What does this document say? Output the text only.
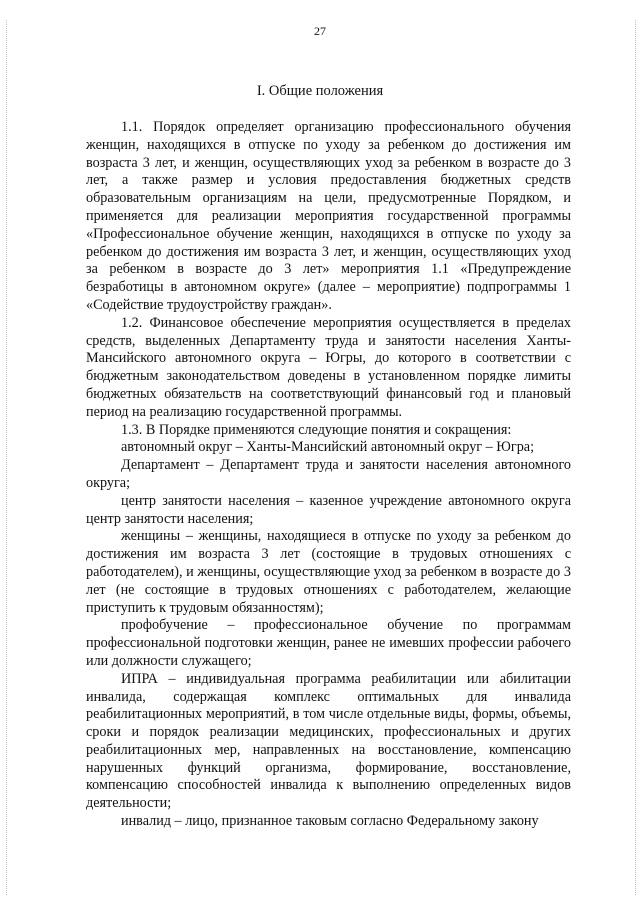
27
I. Общие положения

1.1. Порядок определяет организацию профессионального обучения женщин, находящихся в отпуске по уходу за ребенком до достижения им возраста 3 лет, и женщин, осуществляющих уход за ребенком в возрасте до 3 лет, а также размер и условия предоставления бюджетных средств образовательным организациям на цели, предусмотренные Порядком, и применяется для реализации мероприятия государственной программы «Профессиональное обучение женщин, находящихся в отпуске по уходу за ребенком до достижения им возраста 3 лет, и женщин, осуществляющих уход за ребенком в возрасте до 3 лет» мероприятия 1.1 «Предупреждение безработицы в автономном округе» (далее – мероприятие) подпрограммы 1 «Содействие трудоустройству граждан».

1.2. Финансовое обеспечение мероприятия осуществляется в пределах средств, выделенных Департаменту труда и занятости населения Ханты-Мансийского автономного округа – Югры, до которого в соответствии с бюджетным законодательством доведены в установленном порядке лимиты бюджетных обязательств на соответствующий финансовый год и плановый период на реализацию государственной программы.

1.3. В Порядке применяются следующие понятия и сокращения:

автономный округ – Ханты-Мансийский автономный округ – Югра;

Департамент – Департамент труда и занятости населения автономного округа;

центр занятости населения – казенное учреждение автономного округа центр занятости населения;

женщины – женщины, находящиеся в отпуске по уходу за ребенком до достижения им возраста 3 лет (состоящие в трудовых отношениях с работодателем), и женщины, осуществляющие уход за ребенком в возрасте до 3 лет (не состоящие в трудовых отношениях с работодателем, желающие приступить к трудовым обязанностям);

профобучение – профессиональное обучение по программам профессиональной подготовки женщин, ранее не имевших профессии рабочего или должности служащего;

ИПРА – индивидуальная программа реабилитации или абилитации инвалида, содержащая комплекс оптимальных для инвалида реабилитационных мероприятий, в том числе отдельные виды, формы, объемы, сроки и порядок реализации медицинских, профессиональных и других реабилитационных мер, направленных на восстановление, компенсацию нарушенных функций организма, формирование, восстановление, компенсацию способностей инвалида к выполнению определенных видов деятельности;

инвалид – лицо, признанное таковым согласно Федеральному закону
